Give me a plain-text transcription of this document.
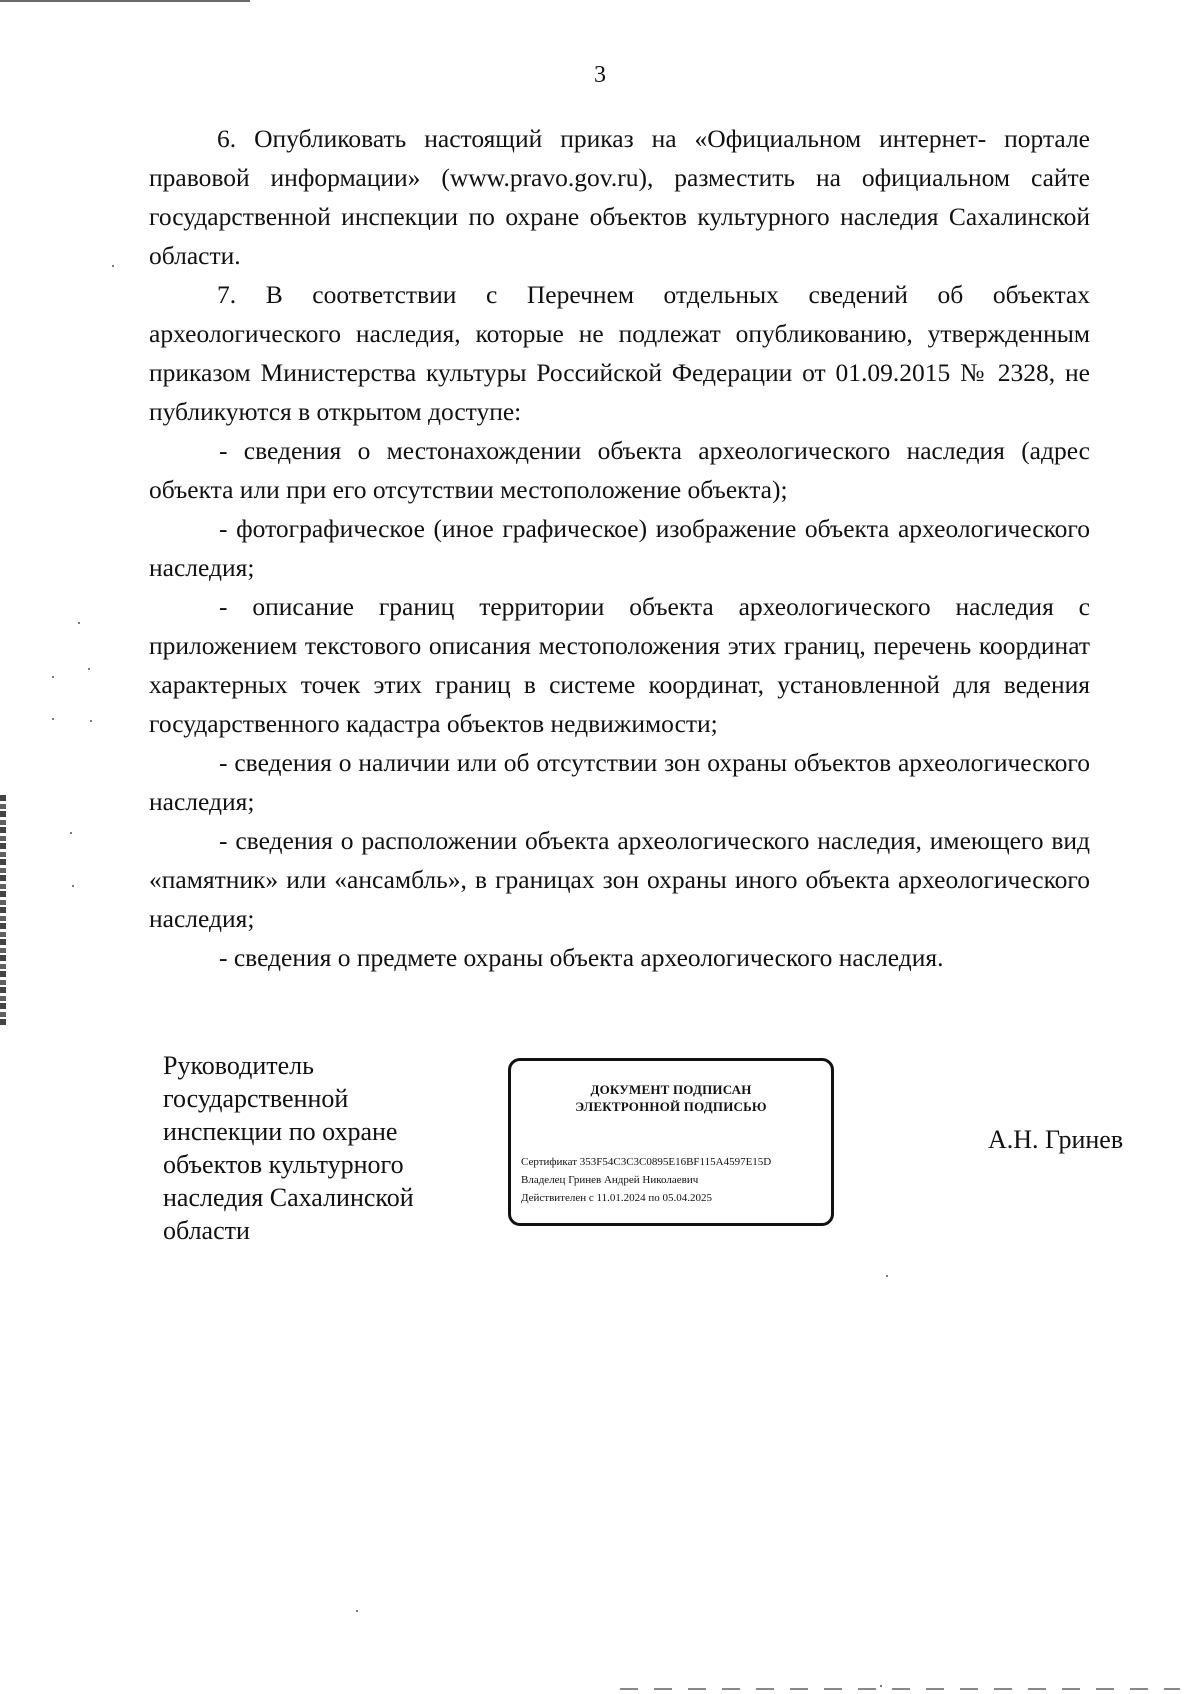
3

6. Опубликовать настоящий приказ на «Официальном интернет- портале правовой информации» (www.pravo.gov.ru), разместить на официальном сайте государственной инспекции по охране объектов культурного наследия Сахалинской области.

7. В соответствии с Перечнем отдельных сведений об объектах археологического наследия, которые не подлежат опубликованию, утвержденным приказом Министерства культуры Российской Федерации от 01.09.2015 № 2328, не публикуются в открытом доступе:

- сведения о местонахождении объекта археологического наследия (адрес объекта или при его отсутствии местоположение объекта);

- фотографическое (иное графическое) изображение объекта археологического наследия;

- описание границ территории объекта археологического наследия с приложением текстового описания местоположения этих границ, перечень координат характерных точек этих границ в системе координат, установленной для ведения государственного кадастра объектов недвижимости;

- сведения о наличии или об отсутствии зон охраны объектов археологического наследия;

- сведения о расположении объекта археологического наследия, имеющего вид «памятник» или «ансамбль», в границах зон охраны иного объекта археологического наследия;

- сведения о предмете охраны объекта археологического наследия.

Руководитель
государственной
инспекции по охране
объектов культурного
наследия Сахалинской
области
ДОКУМЕНТ ПОДПИСАН
ЭЛЕКТРОННОЙ ПОДПИСЬЮ
Сертификат 353F54C3C3C0895E16BF115A4597E15D
Владелец Гринев Андрей Николаевич
Действителен с 11.01.2024 по 05.04.2025
А.Н. Гринев
